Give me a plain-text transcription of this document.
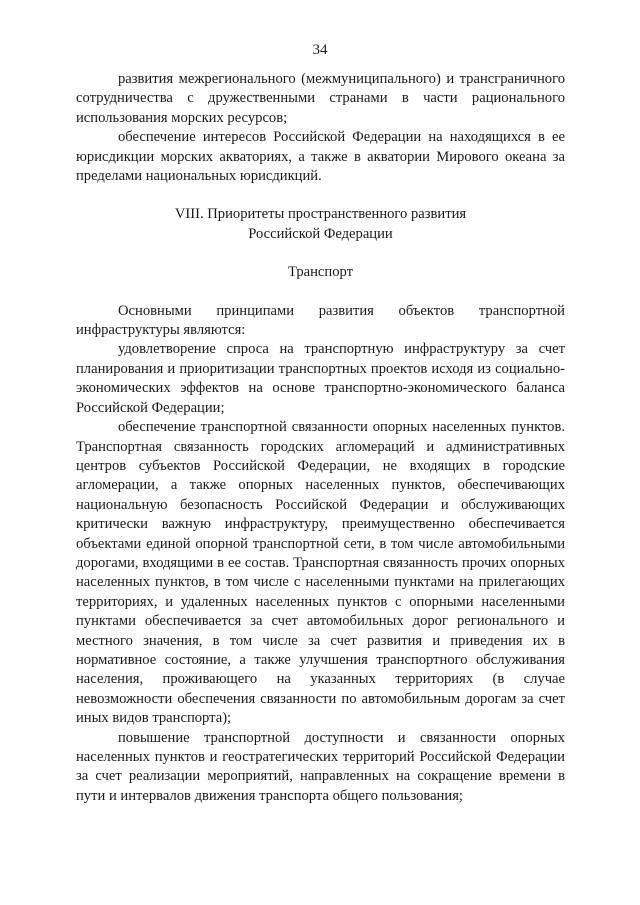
34

развития межрегионального (межмуниципального) и трансграничного сотрудничества с дружественными странами в части рационального использования морских ресурсов;

обеспечение интересов Российской Федерации на находящихся в ее юрисдикции морских акваториях, а также в акватории Мирового океана за пределами национальных юрисдикций.

VIII. Приоритеты пространственного развития
Российской Федерации
Транспорт

Основными принципами развития объектов транспортной инфраструктуры являются:

удовлетворение спроса на транспортную инфраструктуру за счет планирования и приоритизации транспортных проектов исходя из социально-экономических эффектов на основе транспортно-экономического баланса Российской Федерации;

обеспечение транспортной связанности опорных населенных пунктов. Транспортная связанность городских агломераций и административных центров субъектов Российской Федерации, не входящих в городские агломерации, а также опорных населенных пунктов, обеспечивающих национальную безопасность Российской Федерации и обслуживающих критически важную инфраструктуру, преимущественно обеспечивается объектами единой опорной транспортной сети, в том числе автомобильными дорогами, входящими в ее состав. Транспортная связанность прочих опорных населенных пунктов, в том числе с населенными пунктами на прилегающих территориях, и удаленных населенных пунктов с опорными населенными пунктами обеспечивается за счет автомобильных дорог регионального и местного значения, в том числе за счет развития и приведения их в нормативное состояние, а также улучшения транспортного обслуживания населения, проживающего на указанных территориях (в случае невозможности обеспечения связанности по автомобильным дорогам за счет иных видов транспорта);

повышение транспортной доступности и связанности опорных населенных пунктов и геостратегических территорий Российской Федерации за счет реализации мероприятий, направленных на сокращение времени в пути и интервалов движения транспорта общего пользования;
